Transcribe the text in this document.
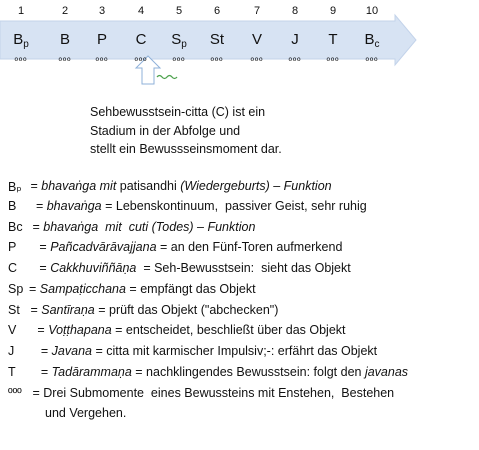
1
$B_p$
ººº
2
B
ººº
3
P
ººº
4
C
ººº
5
$S_p$
ººº
6
St
ººº
7
V
ººº
8
J
ººº
9
T
ººº
10
$B_c$
ººº
Sehbewusstsein-citta (C) ist ein
Stadium in der Abfolge und
stellt ein Bewussseinsmoment dar.
Bₚ = bhavaṅga mit patisandhi (Wiedergeburts) – Funktion
B = bhavaṅga = Lebenskontinuum,  passiver Geist, sehr ruhig
Bc = bhavaṅga  mit  cuti (Todes) – Funktion
P = Pañcadvārāvajjana = an den Fünf-Toren aufmerkend
C = Cakkhuviññāṇa  = Seh-Bewusstsein:  sieht das Objekt
Sp = Sampaṭicchana = empfängt das Objekt
St = Santīraṇa = prüft das Objekt ("abchecken")
V = Voṭṭhapana = entscheidet, beschließt über das Objekt
J = Javana = citta mit karmischer Impulsiv;-: erfährt das Objekt
T = Tadārammaṇa = nachklingendes Bewusstsein: folgt den javanas
ººº = Drei Submomente  eines Bewussteins mit Enstehen,  Bestehen
und Vergehen.
